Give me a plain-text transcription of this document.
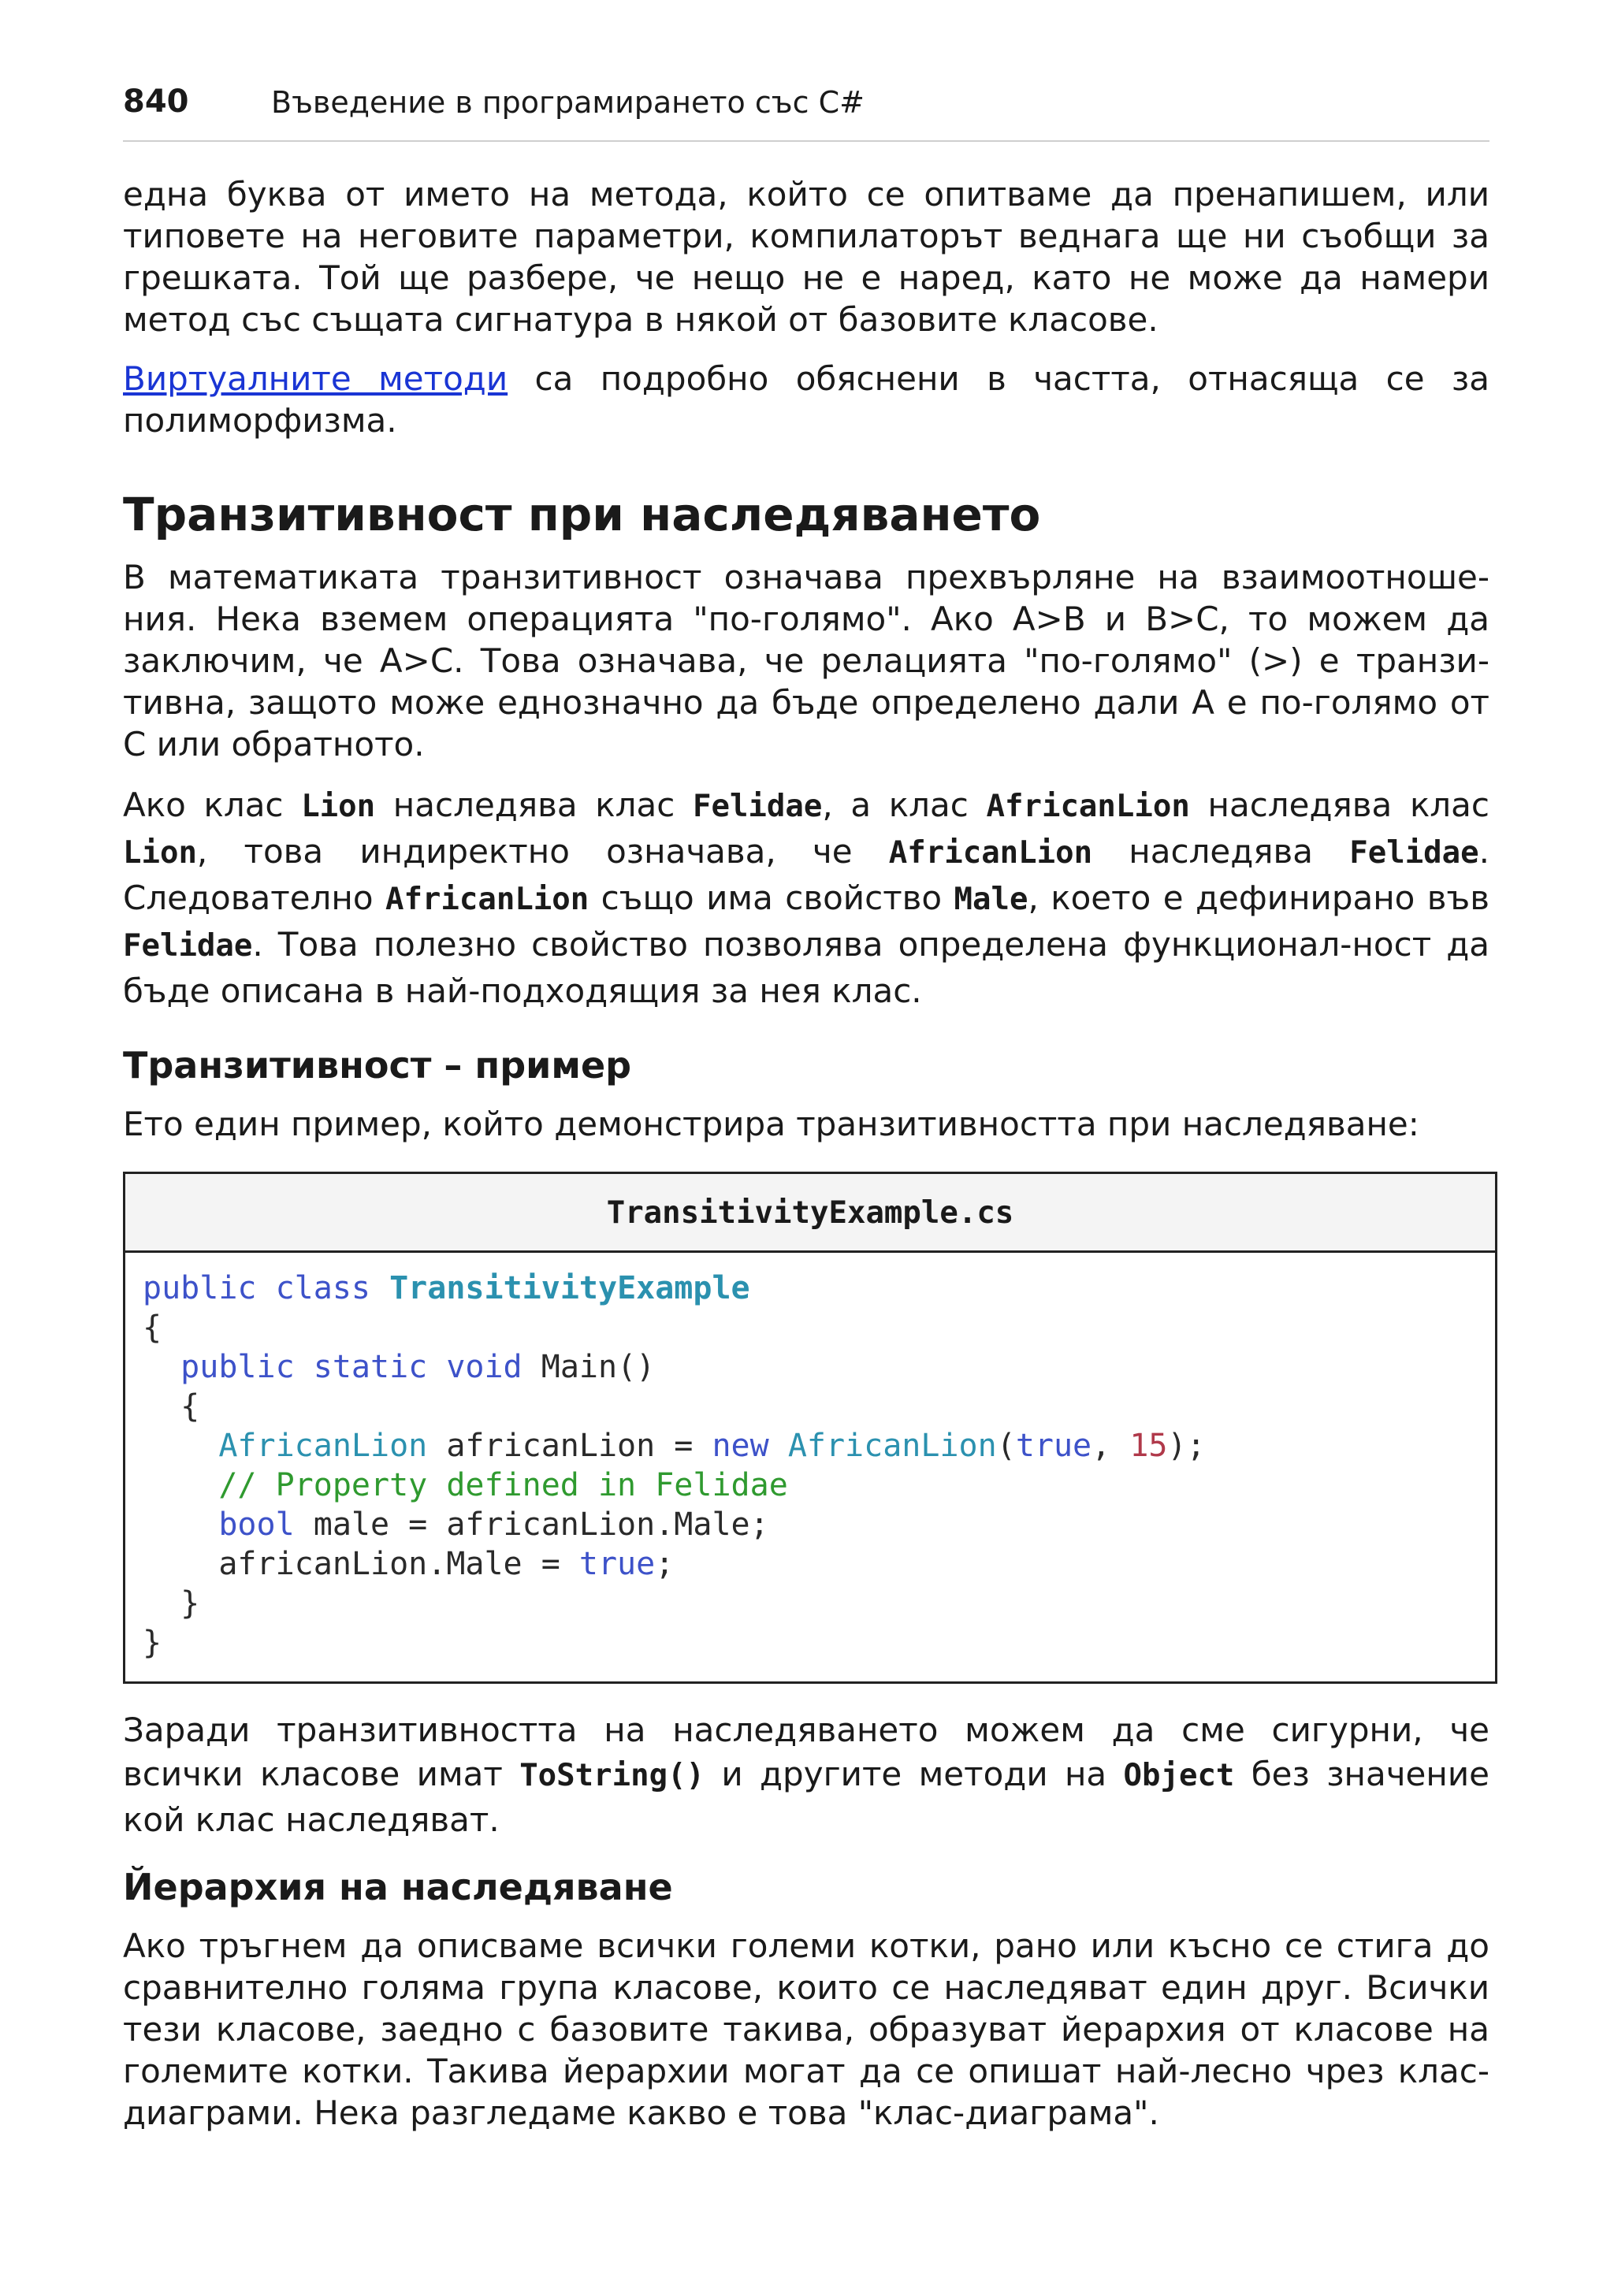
840	Въведение в програмирането със C#

една буква от името на метода, който се опитваме да пренапишем, или типовете на неговите параметри, компилаторът веднага ще ни съобщи за грешката. Той ще разбере, че нещо не е наред, като не може да намери метод със същата сигнатура в някой от базовите класове.

Виртуалните методи са подробно обяснени в частта, отнасяща се за полиморфизма.

Транзитивност при наследяването

В математиката транзитивност означава прехвърляне на взаимоотноше-ния. Нека вземем операцията "по-голямо". Ако А>В и В>С, то можем да заключим, че А>С. Това означава, че релацията "по-голямо" (>) е транзи-тивна, защото може еднозначно да бъде определено дали А е по-голямо от С или обратното.

Ако клас Lion наследява клас Felidae, а клас AfricanLion наследява клас Lion, това индиректно означава, че AfricanLion наследява Felidae. Следователно AfricanLion също има свойство Male, което е дефинирано във Felidae. Това полезно свойство позволява определена функционал-ност да бъде описана в най-подходящия за нея клас.

Транзитивност – пример

Ето един пример, който демонстрира транзитивността при наследяване:

TransitivityExample.cs
public class TransitivityExample
{
public static void Main()
{
AfricanLion africanLion = new AfricanLion(true, 15);
// Property defined in Felidae
bool male = africanLion.Male;
africanLion.Male = true;
}
}

Заради транзитивността на наследяването можем да сме сигурни, че всички класове имат ToString() и другите методи на Object без значение кой клас наследяват.

Йерархия на наследяване

Ако тръгнем да описваме всички големи котки, рано или късно се стига до сравнително голяма група класове, които се наследяват един друг. Всички тези класове, заедно с базовите такива, образуват йерархия от класове на големите котки. Такива йерархии могат да се опишат най-лесно чрез клас-диаграми. Нека разгледаме какво е това "клас-диаграма".
